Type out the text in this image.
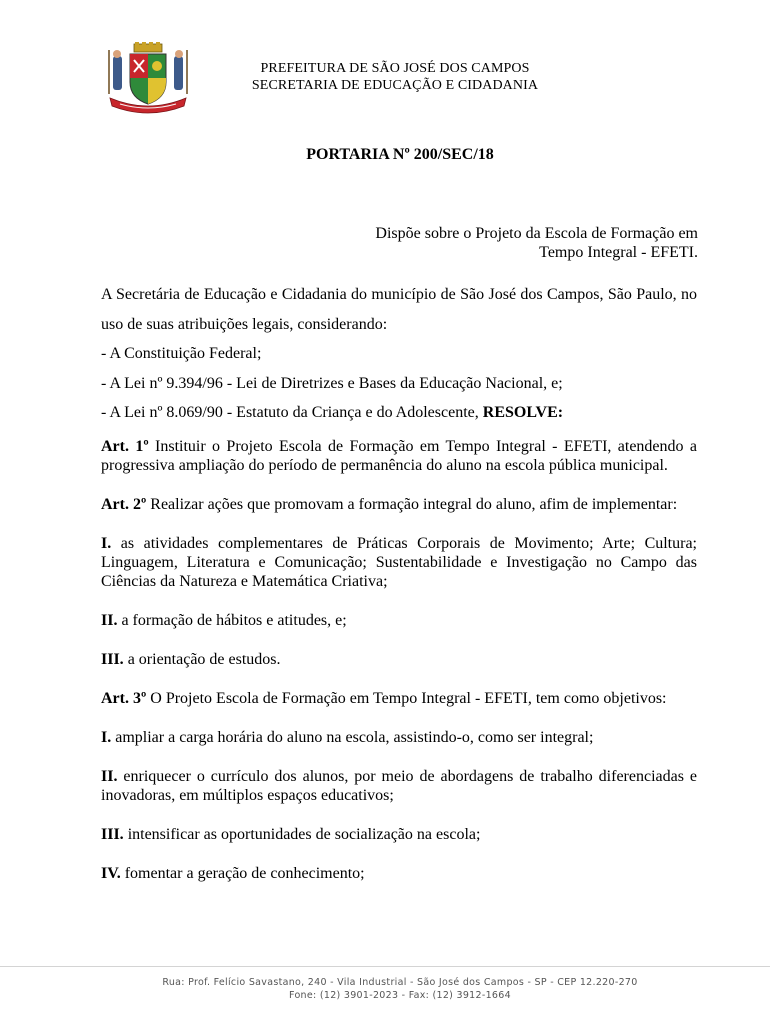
PREFEITURA DE SÃO JOSÉ DOS CAMPOS
SECRETARIA DE EDUCAÇÃO E CIDADANIA
PORTARIA Nº 200/SEC/18
Dispõe sobre o Projeto da Escola de Formação em
Tempo Integral - EFETI.

A Secretária de Educação e Cidadania do município de São José dos Campos, São Paulo, no uso de suas atribuições legais, considerando:

- A Constituição Federal;

- A Lei nº 9.394/96 - Lei de Diretrizes e Bases da Educação Nacional, e;

- A Lei nº 8.069/90 - Estatuto da Criança e do Adolescente, RESOLVE:

Art. 1º Instituir o Projeto Escola de Formação em Tempo Integral - EFETI, atendendo a progressiva ampliação do período de permanência do aluno na escola pública municipal.

Art. 2º Realizar ações que promovam a formação integral do aluno, afim de implementar:

I. as atividades complementares de Práticas Corporais de Movimento; Arte; Cultura; Linguagem, Literatura e Comunicação; Sustentabilidade e Investigação no Campo das Ciências da Natureza e Matemática Criativa;

II. a formação de hábitos e atitudes, e;

III. a orientação de estudos.

Art. 3º O Projeto Escola de Formação em Tempo Integral - EFETI, tem como objetivos:

I. ampliar a carga horária do aluno na escola, assistindo-o, como ser integral;

II. enriquecer o currículo dos alunos, por meio de abordagens de trabalho diferenciadas e inovadoras, em múltiplos espaços educativos;

III. intensificar as oportunidades de socialização na escola;

IV. fomentar a geração de conhecimento;

Rua: Prof. Felício Savastano, 240 - Vila Industrial - São José dos Campos - SP - CEP 12.220-270
Fone: (12) 3901-2023 - Fax: (12) 3912-1664
